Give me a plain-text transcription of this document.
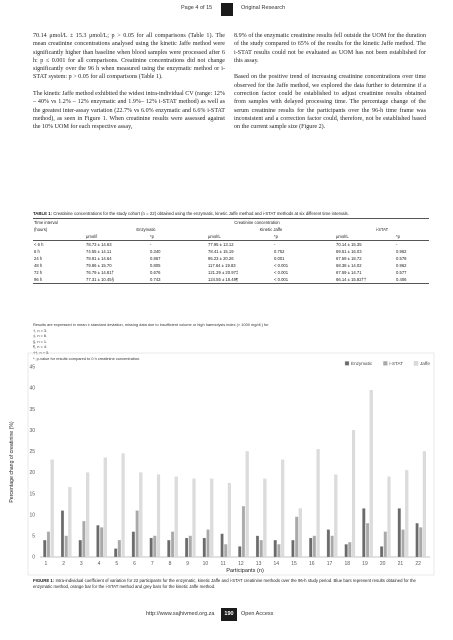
Page 4 of 15	Original Research

70.14 μmol/L ± 15.3 μmol/L; p > 0.05 for all comparisons (Table 1). The mean creatinine concentrations analysed using the kinetic Jaffe method were significantly higher than baseline when blood samples were processed after 6 h: p ≤ 0.001 for all comparisons. Creatinine concentrations did not change significantly over the 96 h when measured using the enzymatic method or i-STAT system: p > 0.05 for all comparisons (Table 1).

The kinetic Jaffe method exhibited the widest intra-individual CV (range: 12% – 40% vs 1.2% – 12% enzymatic and 1.9%– 12% i-STAT method) as well as the greatest inter-assay variation (22.7% vs 6.0% enzymatic and 6.6% i-STAT method), as seen in Figure 1. When creatinine results were assessed against the 10% UOM for each respective assay,

8.9% of the enzymatic creatinine results fell outside the UOM for the duration of the study compared to 65% of the results for the kinetic Jaffe method. The i-STAT results could not be evaluated as UOM has not been established for this assay.

Based on the positive trend of increasing creatinine concentrations over time observed for the Jaffe method, we explored the data further to determine if a correction factor could be established to adjust creatinine results obtained from samples with delayed processing time. The percentage change of the serum creatinine results for the participants over the 96-h time frame was inconsistent and a correction factor could, therefore, not be established based on the current sample size (Figure 2).

TABLE 1: Creatinine concentrations for the study cohort (n = 22) obtained using the enzymatic, kinetic Jaffe method and i-STAT methods at six different time intervals.
Time interval	Creatinine concentration					
(hours)	Enzymatic		Kinetic Jaffe		i-STAT	
	μmol/l	*p	μmol/L	*p	μmol/L	*p
< 6 h	78.73 ± 14.63	-	77.95 ± 13.12	-	70.14 ± 15.35	-
6 h	74.55 ± 14.11	0.340	78.41 ± 15.19	0.752	69.51 ± 16.03	0.962
24 h	78.91 ± 14.64	0.867	95.23 ± 20.26	0.001	67.59 ± 18.72	0.578
48 h	79.86 ± 15.70	0.805	117.64 ± 19.83	< 0.001	68.38 ± 14.02	0.962
72 h	76.79 ± 14.81†	0.676	121.29 ± 20.97‡	< 0.001	67.59 ± 14.71	0.577
96 h	77.31 ± 10.45§	0.743	124.55 ± 18.49¶	< 0.001	66.14 ± 15.82††	0.406
Results are expressed in mean ± standard deviation, missing data due to insufficient volume or high haemolysis index (> 1000 mg/dl.) for
†, n = 3.
‡, n = 6.
§, n = 1.
¶, n = 4.
††, n = 5.
*, p-value for results compared to 0 h creatinine concentration.
0
5
10
15
20
25
30
35
40
45
1	2	3	4	5	6	7	8	9	10 11 12 13 14 15 16 17 18 19 20 21 22
Participants (n)
Percentage chang of creatinine (%)
Enzymatic	i-STAT	Jaffe
FIGURE 1: Intra-individual coefficient of variation for 22 participants for the enzymatic, kinetic Jaffe and i-STAT creatinine methods over the 96-h study period. Blue bars represent results obtained for the enzymatic method, orange bar for the i-STAT method and grey bars for the kinetic Jaffe method.
http://www.sajhivmed.org.za	190	Open Access
